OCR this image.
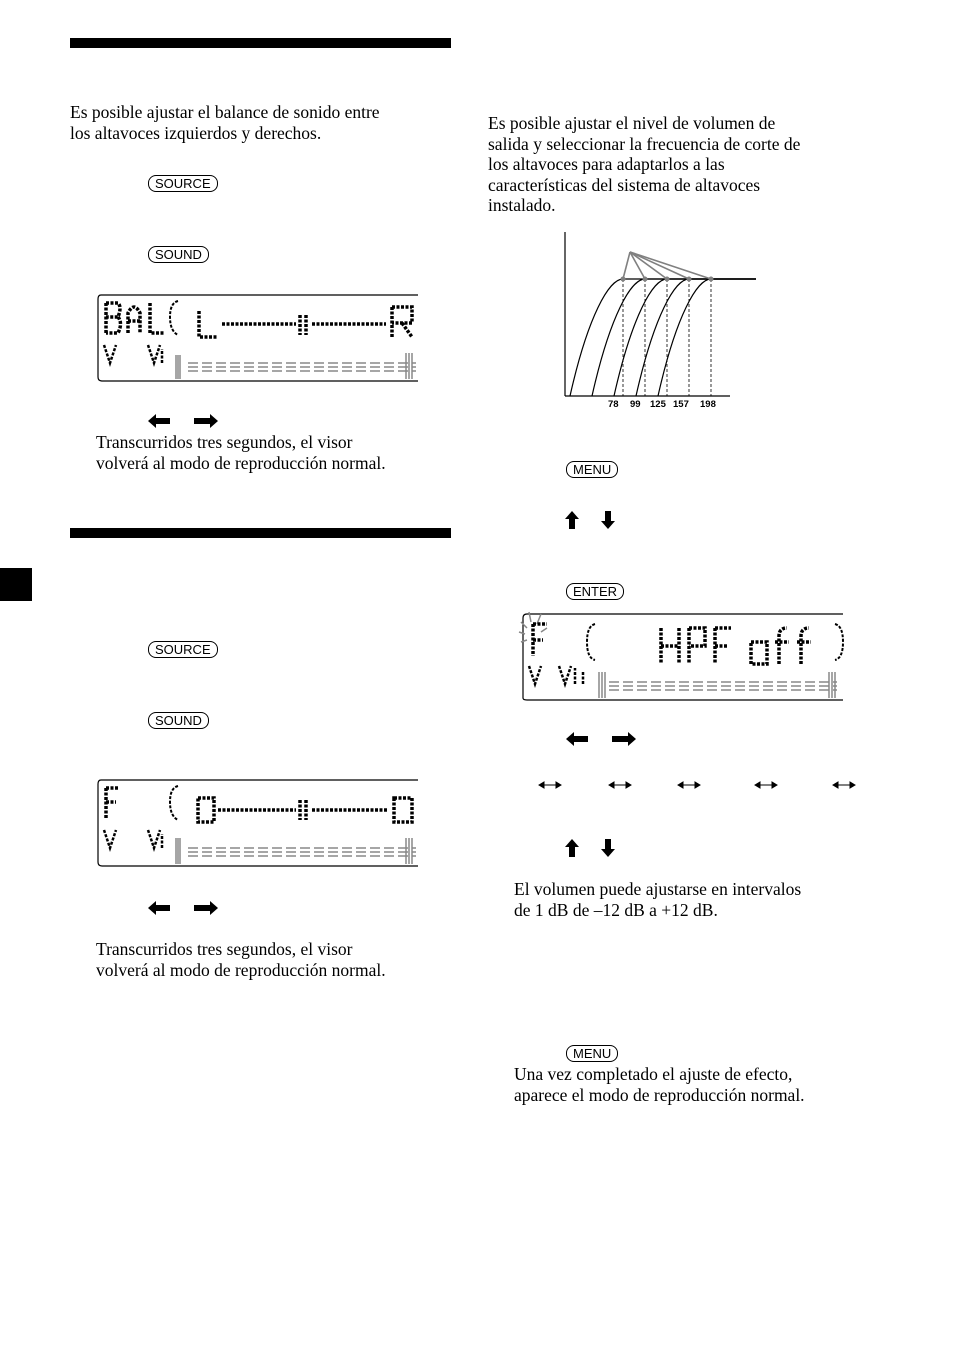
Es posible ajustar el balance de sonido entre
los altavoces izquierdos y derechos.

SOURCE
SOUND

Transcurridos tres segundos, el visor
volverá al modo de reproducción normal.

SOURCE
SOUND

Transcurridos tres segundos, el visor
volverá al modo de reproducción normal.

Es posible ajustar el nivel de volumen de
salida y seleccionar la frecuencia de corte de
los altavoces para adaptarlos a las
características del sistema de altavoces
instalado.

78 99 125 157 198
MENU
ENTER

El volumen puede ajustarse en intervalos
de 1 dB de –12 dB a +12 dB.

MENU

Una vez completado el ajuste de efecto,
aparece el modo de reproducción normal.
